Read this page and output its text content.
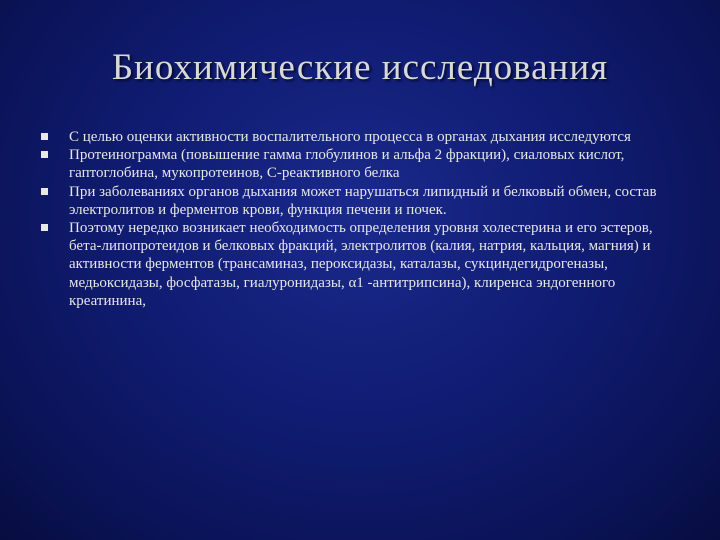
Биохимические исследования
С целью оценки активности воспалительного процесса в органах дыхания исследуются
Протеинограмма (повышение гамма глобулинов и альфа 2 фракции), сиаловых кислот, гаптоглобина, мукопротеинов, С-реактивного белка
При заболеваниях органов дыхания может нарушаться липидный и белковый обмен, состав электролитов и ферментов крови, функция печени и почек.
Поэтому нередко возникает необходимость определения уровня холестерина и его эстеров, бета-липопротеидов и белковых фракций, электролитов (калия, натрия, кальция, магния) и активности ферментов (трансаминаз, пероксидазы, каталазы, сукциндегидрогеназы, медьоксидазы, фосфатазы, гиалуронидазы, α1 -антитрипсина), клиренса эндогенного креатинина,
